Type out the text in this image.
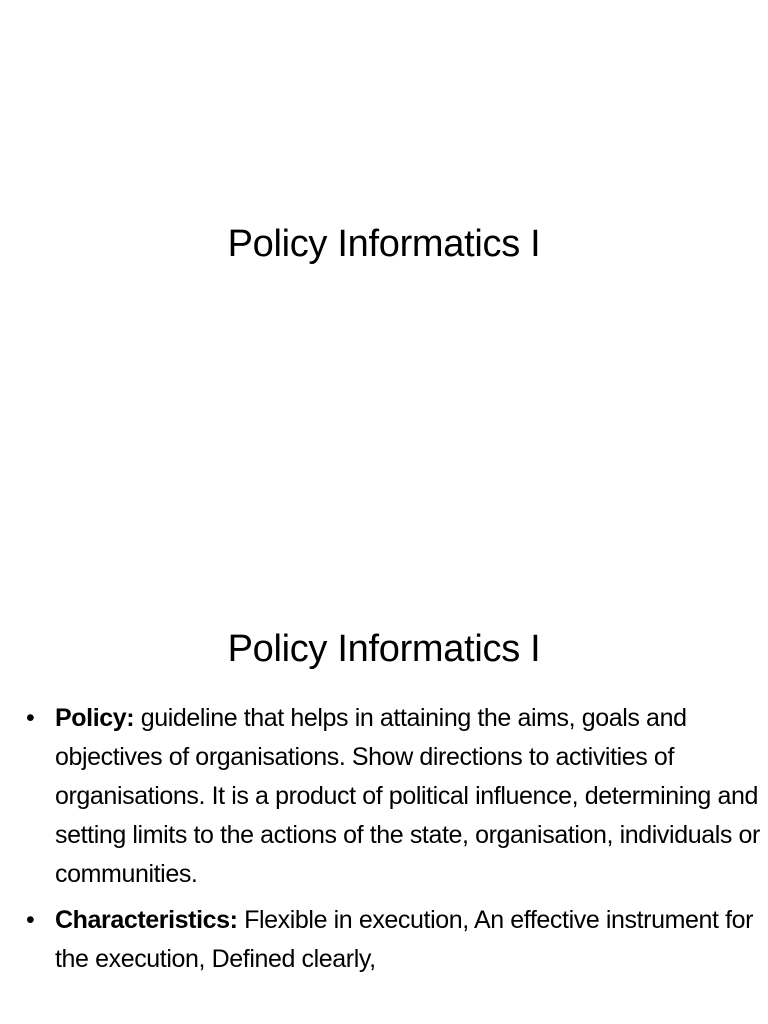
Policy Informatics I
Policy Informatics I
• Policy: guideline that helps in attaining the aims, goals and objectives of organisations. Show directions to activities of organisations. It is a product of political influence, determining and setting limits to the actions of the state, organisation, individuals or communities.
• Characteristics: Flexible in execution, An effective instrument for the execution, Defined clearly,
